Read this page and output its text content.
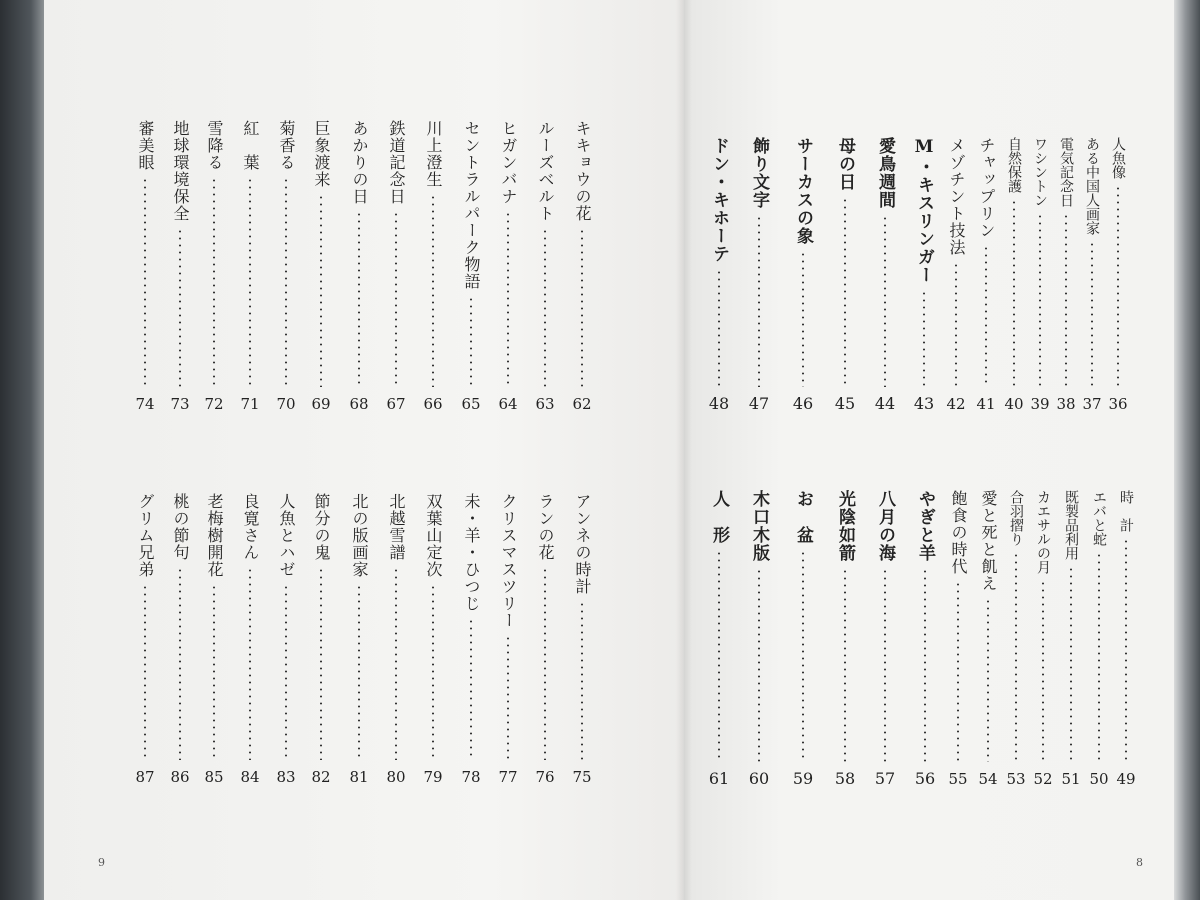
人魚像
36
ある中国人画家
37
電気記念日
38
ワシントン
39
自然保護
40
チャップリン
41
メゾチント技法
42
M・キスリンガー
43
愛鳥週間
44
母の日
45
サーカスの象
46
飾り文字
47
ドン・キホーテ
48
時　計
49
エバと蛇
50
既製品利用
51
カエサルの月
52
合羽摺り
53
愛と死と飢え
54
飽食の時代
55
やぎと羊
56
八月の海
57
光陰如箭
58
お　盆
59
木口木版
60
人　形
61
キキョウの花
62
ルーズベルト
63
ヒガンバナ
64
セントラルパーク物語
65
川上澄生
66
鉄道記念日
67
あかりの日
68
巨象渡来
69
菊香る
70
紅　葉
71
雪降る
72
地球環境保全
73
審美眼
74
アンネの時計
75
ランの花
76
クリスマスツリー
77
未・羊・ひつじ
78
双葉山定次
79
北越雪譜
80
北の版画家
81
節分の鬼
82
人魚とハゼ
83
良寛さん
84
老梅樹開花
85
桃の節句
86
グリム兄弟
87
9	8
